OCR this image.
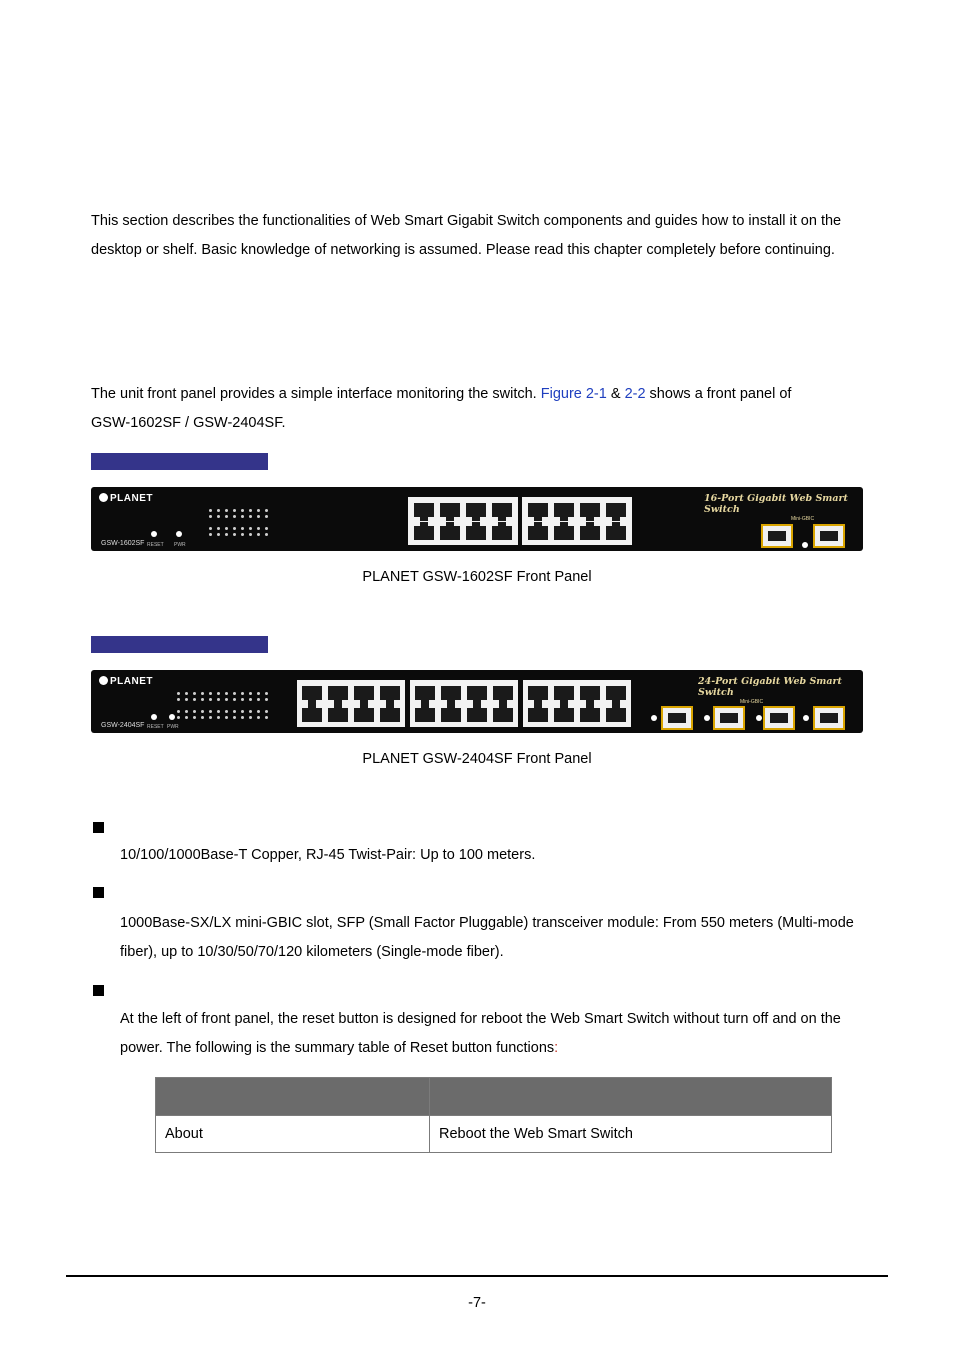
This section describes the functionalities of Web Smart Gigabit Switch components and guides how to install it on the
desktop or shelf. Basic knowledge of networking is assumed. Please read this chapter completely before continuing.

The unit front panel provides a simple interface monitoring the switch. Figure 2-1 & 2-2 shows a front panel of
GSW-1602SF / GSW-2404SF.

PLANET
GSW-1602SF RESET PWR
16-Port Gigabit Web Smart Switch
Mini-GBIC
PLANET GSW-1602SF Front Panel
PLANET
GSW-2404SF RESET PWR
24-Port Gigabit Web Smart Switch
Mini-GBIC
PLANET GSW-2404SF Front Panel

10/100/1000Base-T Copper, RJ-45 Twist-Pair: Up to 100 meters.

1000Base-SX/LX mini-GBIC slot, SFP (Small Factor Pluggable) transceiver module: From 550 meters (Multi-mode
fiber), up to 10/30/50/70/120 kilometers (Single-mode fiber).

At the left of front panel, the reset button is designed for reboot the Web Smart Switch without turn off and on the
power. The following is the summary table of Reset button functions:

About	Reboot the Web Smart Switch
-7-
